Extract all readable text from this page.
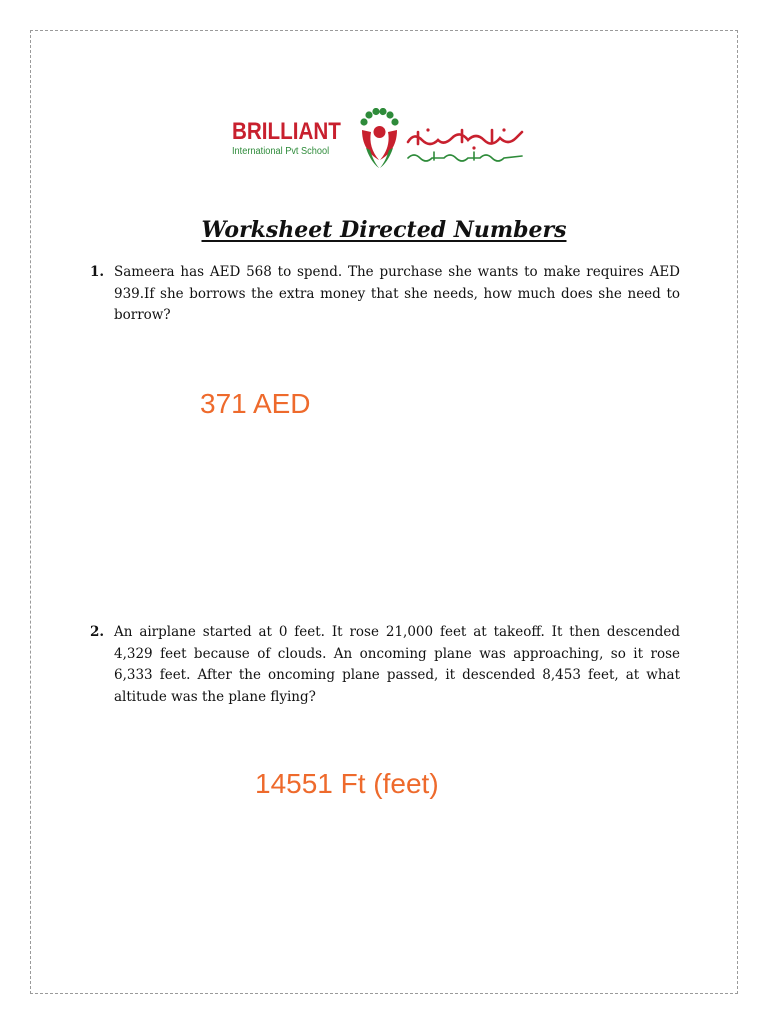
BRILLIANT
International Pvt School
Worksheet Directed Numbers
1. Sameera has AED 568 to spend. The purchase she wants to make requires AED 939.If she borrows the extra money that she needs, how much does she need to borrow?
371 AED
2. An airplane started at 0 feet. It rose 21,000 feet at takeoff. It then descended 4,329 feet because of clouds. An oncoming plane was approaching, so it rose 6,333 feet. After the oncoming plane passed, it descended 8,453 feet, at what altitude was the plane flying?
14551 Ft (feet)
